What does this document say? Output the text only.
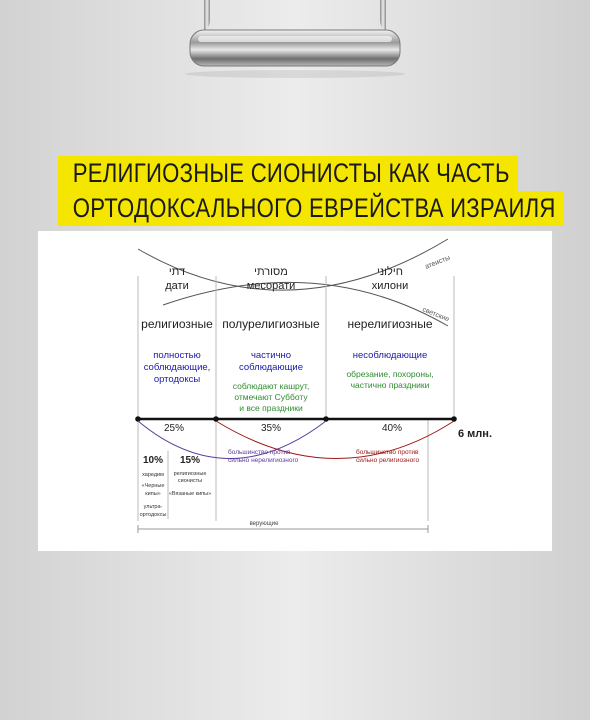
РЕЛИГИОЗНЫЕ СИОНИСТЫ КАК ЧАСТЬ
ОРТОДОКСАЛЬНОГО ЕВРЕЙСТВА ИЗРАИЛЯ
атеисты
светские
דתי
дати
религиозные
полностью
соблюдающие,
ортодоксы
מסורתי
месорати
полурелигиозные
частично
соблюдающие
соблюдают кашрут,
отмечают Субботу
и все праздники
חילוני
хилони
нерелигиозные
несоблюдающие
обрезание, похороны,
частично праздники
6 млн.
25%	35%	40%
большинство против
сильно нерелигиозного
большинство против
сильно религиозного
10%
харедим
«Черные
кипы»
ультра-
ортодоксы
15%
религиозные
сионисты
«Вязаные кипы»
верующие
